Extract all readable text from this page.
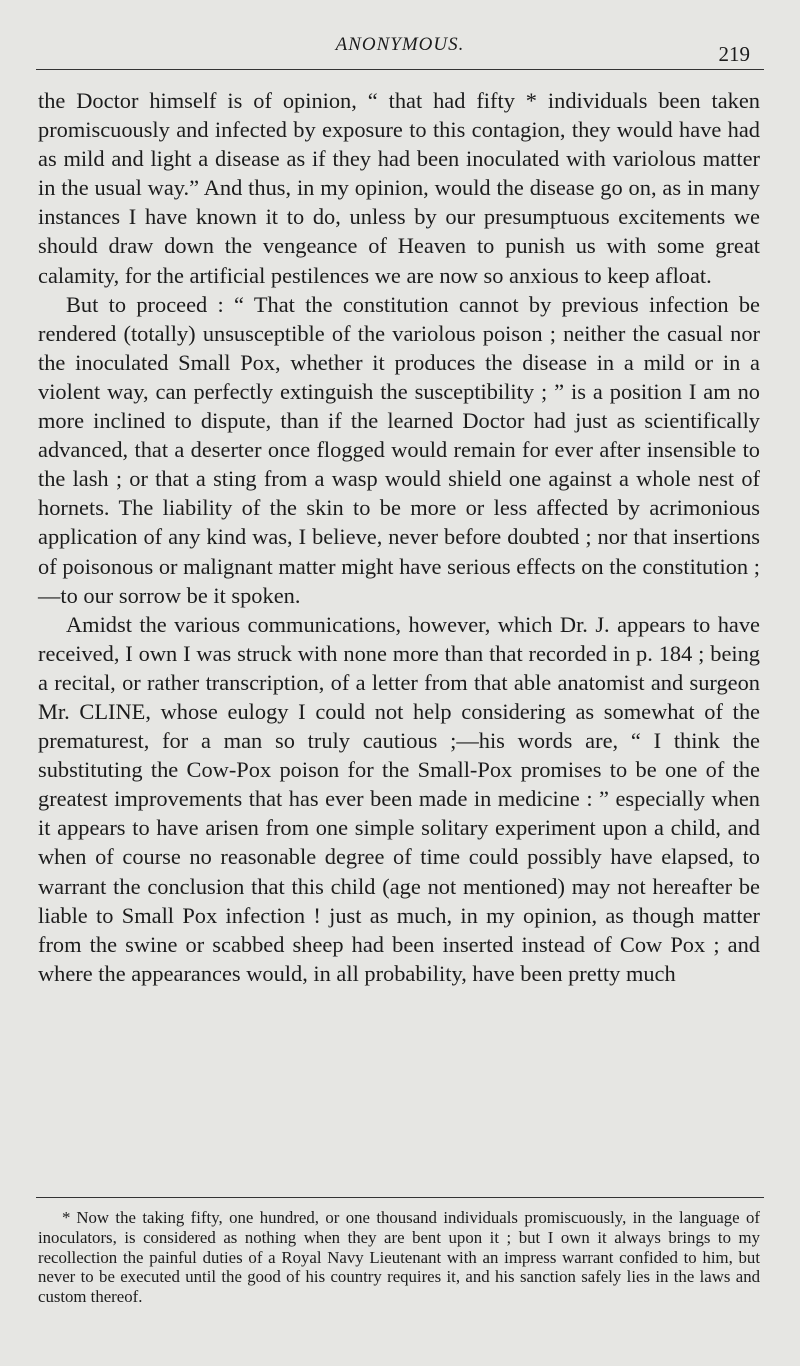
ANONYMOUS.	219

the Doctor himself is of opinion, “ that had fifty * individuals been taken promiscuously and infected by exposure to this contagion, they would have had as mild and light a disease as if they had been inoculated with variolous matter in the usual way.” And thus, in my opinion, would the disease go on, as in many instances I have known it to do, unless by our presumptuous excitements we should draw down the vengeance of Heaven to punish us with some great calamity, for the artificial pestilences we are now so anxious to keep afloat.

But to proceed : “ That the constitution cannot by previous infection be rendered (totally) unsusceptible of the variolous poison ; neither the casual nor the inoculated Small Pox, whether it produces the disease in a mild or in a violent way, can perfectly extinguish the susceptibility ; ” is a position I am no more inclined to dispute, than if the learned Doctor had just as scientifically advanced, that a deserter once flogged would remain for ever after insensible to the lash ; or that a sting from a wasp would shield one against a whole nest of hornets. The liability of the skin to be more or less affected by acrimonious application of any kind was, I believe, never before doubted ; nor that insertions of poisonous or malignant matter might have serious effects on the constitution ;—to our sorrow be it spoken.

Amidst the various communications, however, which Dr. J. appears to have received, I own I was struck with none more than that recorded in p. 184 ; being a recital, or rather transcription, of a letter from that able anatomist and surgeon Mr. CLINE, whose eulogy I could not help considering as somewhat of the prematurest, for a man so truly cautious ;—his words are, “ I think the substituting the Cow-Pox poison for the Small-Pox promises to be one of the greatest improvements that has ever been made in medicine : ” especially when it appears to have arisen from one simple solitary experiment upon a child, and when of course no reasonable degree of time could possibly have elapsed, to warrant the conclusion that this child (age not mentioned) may not hereafter be liable to Small Pox infection ! just as much, in my opinion, as though matter from the swine or scabbed sheep had been inserted instead of Cow Pox ; and where the appearances would, in all probability, have been pretty much

* Now the taking fifty, one hundred, or one thousand individuals promiscuously, in the language of inoculators, is considered as nothing when they are bent upon it ; but I own it always brings to my recollection the painful duties of a Royal Navy Lieutenant with an impress warrant confided to him, but never to be executed until the good of his country requires it, and his sanction safely lies in the laws and custom thereof.
